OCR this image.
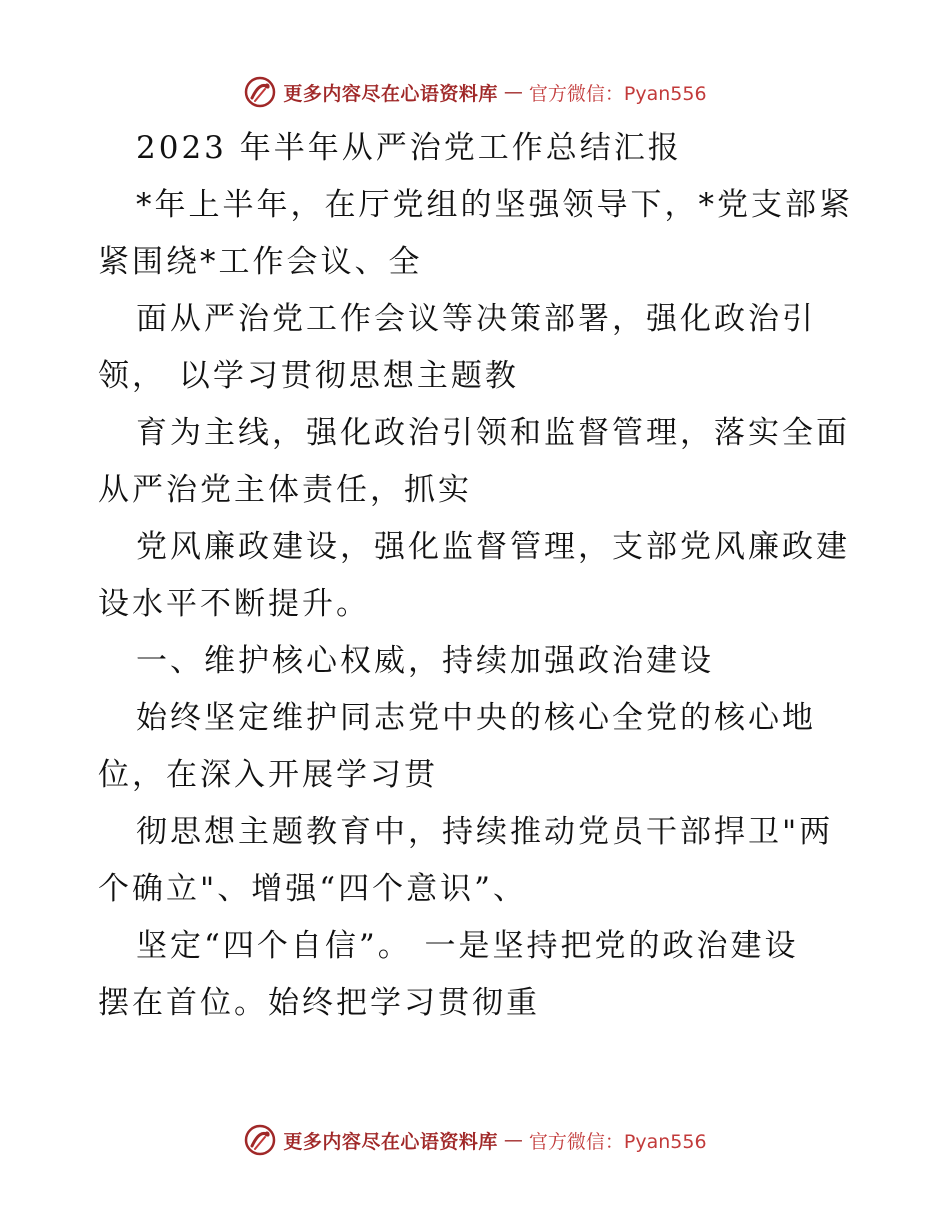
更多内容尽在心语资料库 — 官方微信：Pyan556
2023 年半年从严治党工作总结汇报
*年上半年，在厅党组的坚强领导下，*党支部紧
紧围绕*工作会议、全
面从严治党工作会议等决策部署，强化政治引
领， 以学习贯彻思想主题教
育为主线，强化政治引领和监督管理，落实全面
从严治党主体责任，抓实
党风廉政建设，强化监督管理，支部党风廉政建
设水平不断提升。
一、维护核心权威，持续加强政治建设
始终坚定维护同志党中央的核心全党的核心地
位，在深入开展学习贯
彻思想主题教育中，持续推动党员干部捍卫"两
个确立"、增强“四个意识”、
坚定“四个自信”。 一是坚持把党的政治建设
摆在首位。始终把学习贯彻重
更多内容尽在心语资料库 — 官方微信：Pyan556
